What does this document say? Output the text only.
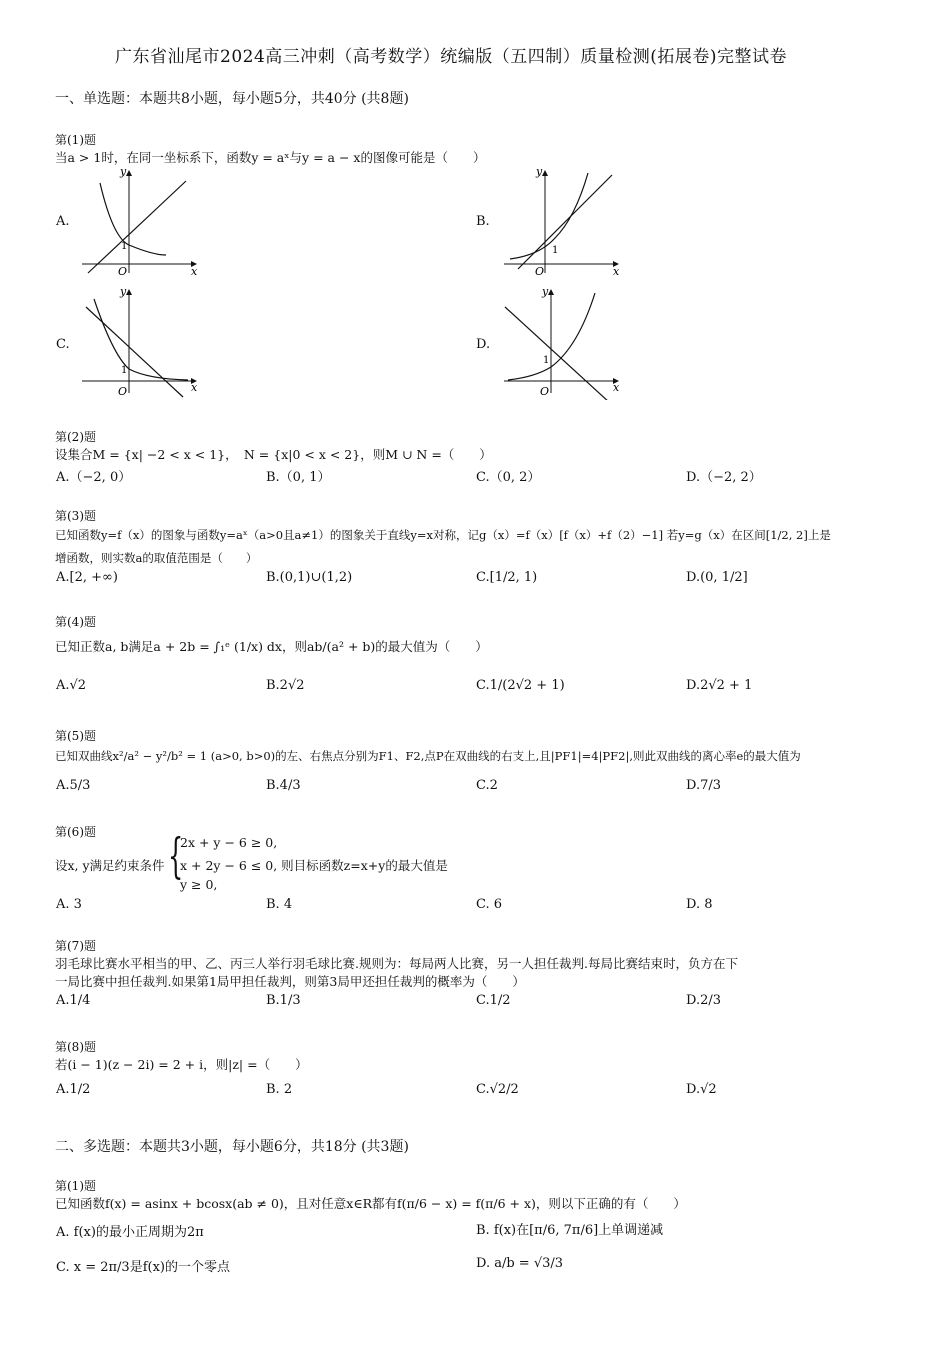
广东省汕尾市2024高三冲刺（高考数学）统编版（五四制）质量检测(拓展卷)完整试卷
一、单选题：本题共8小题，每小题5分，共40分 (共8题)
第(1)题
当a > 1时，在同一坐标系下，函数y = aˣ与y = a − x的图像可能是（　　）
A.	B.
C.	D.
x
y
O
1
x
y
O
1
x
y
O
1
x
y
O
1
第(2)题
设集合M = {x| −2 < x < 1}，　N = {x|0 < x < 2}，则M ∪ N =（　　）
A.（−2, 0）	B.（0, 1）	C.（0, 2）	D.（−2, 2）
第(3)题
已知函数y=f（x）的图象与函数y=aˣ（a>0且a≠1）的图象关于直线y=x对称，记g（x）=f（x）[f（x）+f（2）−1] 若y=g（x）在区间[1/2, 2]上是
增函数，则实数a的取值范围是（　　）
A.[2, +∞)	B.(0,1)∪(1,2)	C.[1/2, 1)	D.(0, 1/2]
第(4)题
已知正数a, b满足a + 2b = ∫₁ᵉ (1/x) dx，则ab/(a² + b)的最大值为（　　）
A.√2	B.2√2	C.1/(2√2 + 1)	D.2√2 + 1
第(5)题
已知双曲线x²/a² − y²/b² = 1 (a>0, b>0)的左、右焦点分别为F1、F2,点P在双曲线的右支上,且|PF1|=4|PF2|,则此双曲线的离心率e的最大值为
A.5/3	B.4/3	C.2	D.7/3
第(6)题
设x, y满足约束条件 {
2x + y − 6 ≥ 0,
x + 2y − 6 ≤ 0, 则目标函数z=x+y的最大值是
y ≥ 0,
A. 3	B. 4	C. 6	D. 8
第(7)题
羽毛球比赛水平相当的甲、乙、丙三人举行羽毛球比赛.规则为：每局两人比赛，另一人担任裁判.每局比赛结束时，负方在下
一局比赛中担任裁判.如果第1局甲担任裁判，则第3局甲还担任裁判的概率为（　　）
A.1/4	B.1/3	C.1/2	D.2/3
第(8)题
若(i − 1)(z − 2i) = 2 + i，则|z| =（　　）
A.1/2	B. 2	C.√2/2	D.√2
二、多选题：本题共3小题，每小题6分，共18分 (共3题)
第(1)题
已知函数f(x) = asinx + bcosx(ab ≠ 0)，且对任意x∈R都有f(π/6 − x) = f(π/6 + x)，则以下正确的有（　　）
A. f(x)的最小正周期为2π	B. f(x)在[π/6, 7π/6]上单调递减
C. x = 2π/3是f(x)的一个零点	D. a/b = √3/3
